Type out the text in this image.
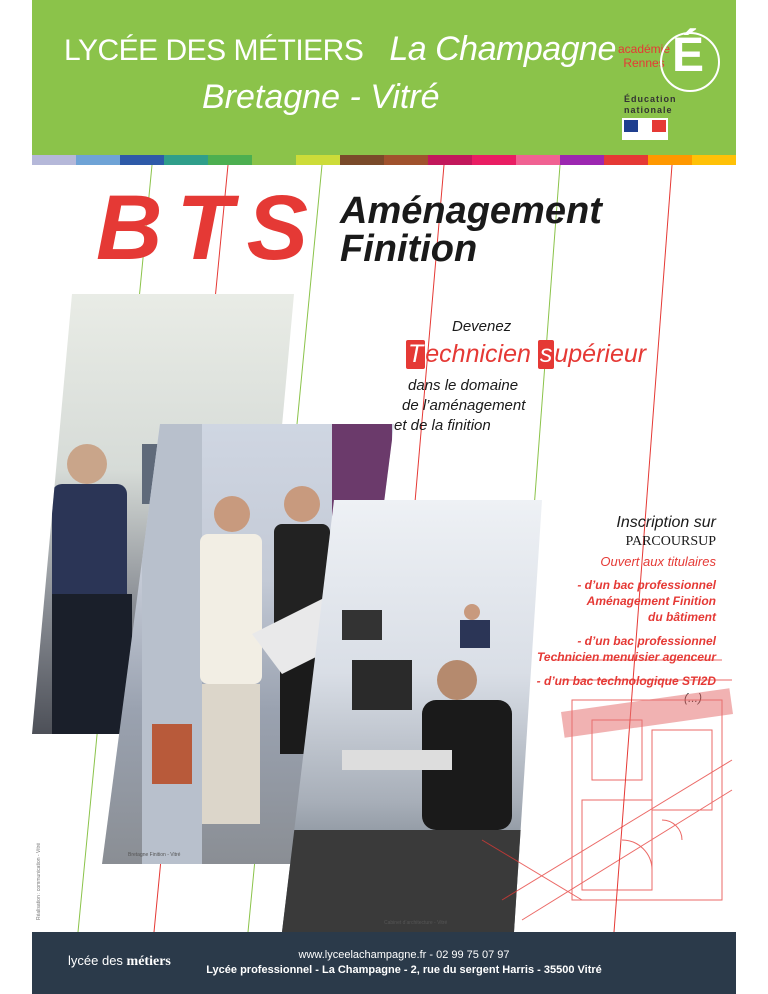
LYCÉE DES MÉTIERS La Champagne
Bretagne - Vitré
académie Rennes É
Éducation nationale
BTS Aménagement
Finition
Devenez
Technicien supérieur
dans le domaine
de l’aménagement
et de la finition
Inscription sur
PARCOURSUP
Ouvert aux titulaires
- d’un bac professionnel
Aménagement Finition
du bâtiment
- d’un bac professionnel
Technicien menuisier agenceur
- d’un bac technologique STI2D
Bretagne Finition - Vitré
Cabinet d’architecture - Vitré
Réalisation : communication - Vitré
lycée des métiers	www.lyceelachampagne.fr - 02 99 75 07 97
Lycée professionnel - La Champagne - 2, rue du sergent Harris - 35500 Vitré
